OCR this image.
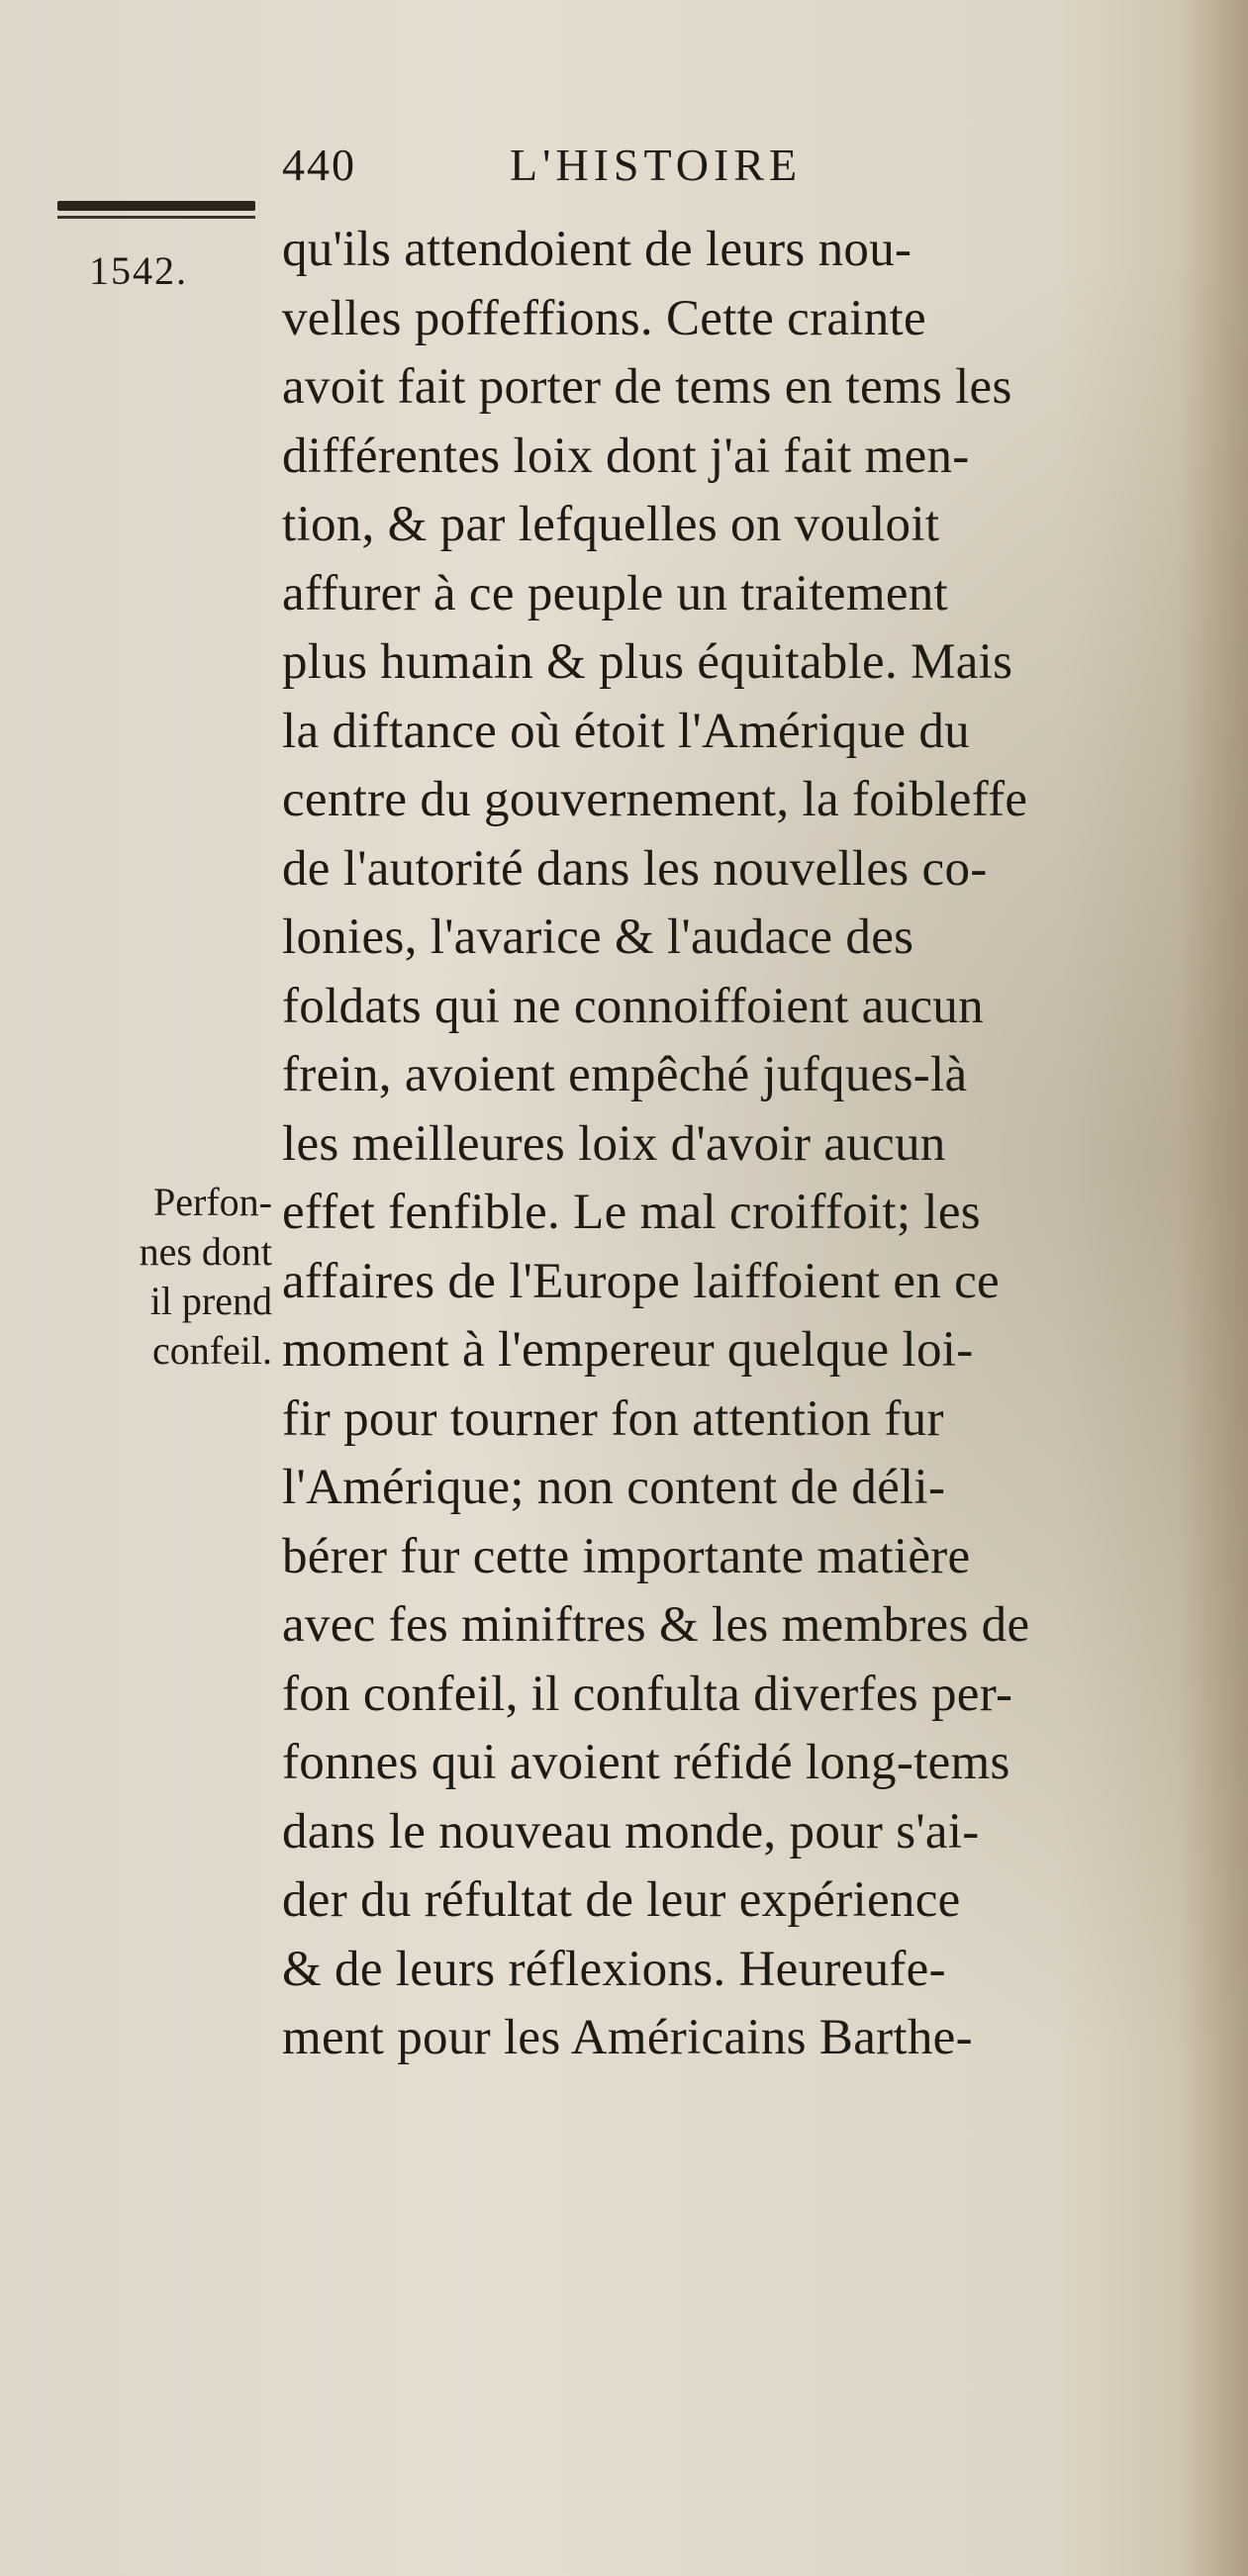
440	L'HISTOIRE
1542.
Perfon-
nes dont
il prend
confeil.
qu'ils attendoient de leurs nou-
velles poffeffions. Cette crainte
avoit fait porter de tems en tems les
différentes loix dont j'ai fait men-
tion, & par lefquelles on vouloit
affurer à ce peuple un traitement
plus humain & plus équitable. Mais
la diftance où étoit l'Amérique du
centre du gouvernement, la foibleffe
de l'autorité dans les nouvelles co-
lonies, l'avarice & l'audace des
foldats qui ne connoiffoient aucun
frein, avoient empêché jufques-là
les meilleures loix d'avoir aucun
effet fenfible. Le mal croiffoit; les
affaires de l'Europe laiffoient en ce
moment à l'empereur quelque loi-
fir pour tourner fon attention fur
l'Amérique; non content de déli-
bérer fur cette importante matière
avec fes miniftres & les membres de
fon confeil, il confulta diverfes per-
fonnes qui avoient réfidé long-tems
dans le nouveau monde, pour s'ai-
der du réfultat de leur expérience
& de leurs réflexions. Heureufe-
ment pour les Américains Barthe-
